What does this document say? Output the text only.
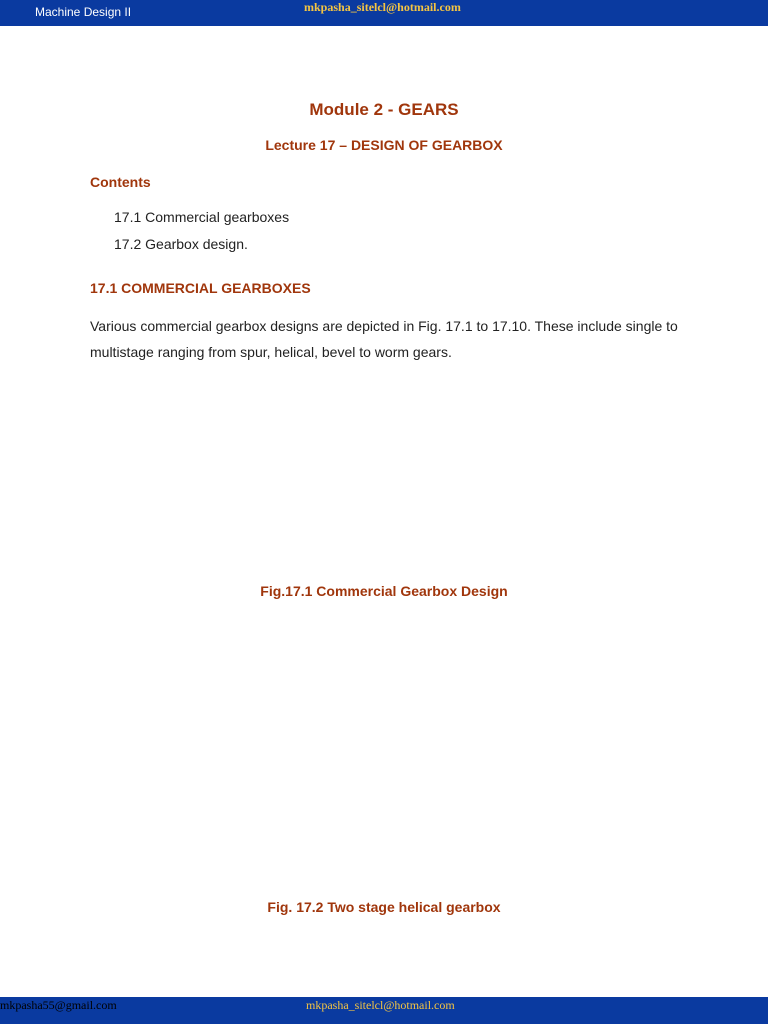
Machine Design II	mkpasha_sitelcl@hotmail.com
Module 2 - GEARS
Lecture 17 – DESIGN OF GEARBOX
Contents
17.1 Commercial gearboxes
17.2 Gearbox design.
17.1 COMMERCIAL GEARBOXES
Various commercial gearbox designs are depicted in Fig. 17.1 to 17.10. These include single to multistage ranging from spur, helical, bevel to worm gears.
Fig.17.1 Commercial Gearbox Design
Fig. 17.2 Two stage helical gearbox
mkpasha55@gmail.com	mkpasha_sitelcl@hotmail.com
